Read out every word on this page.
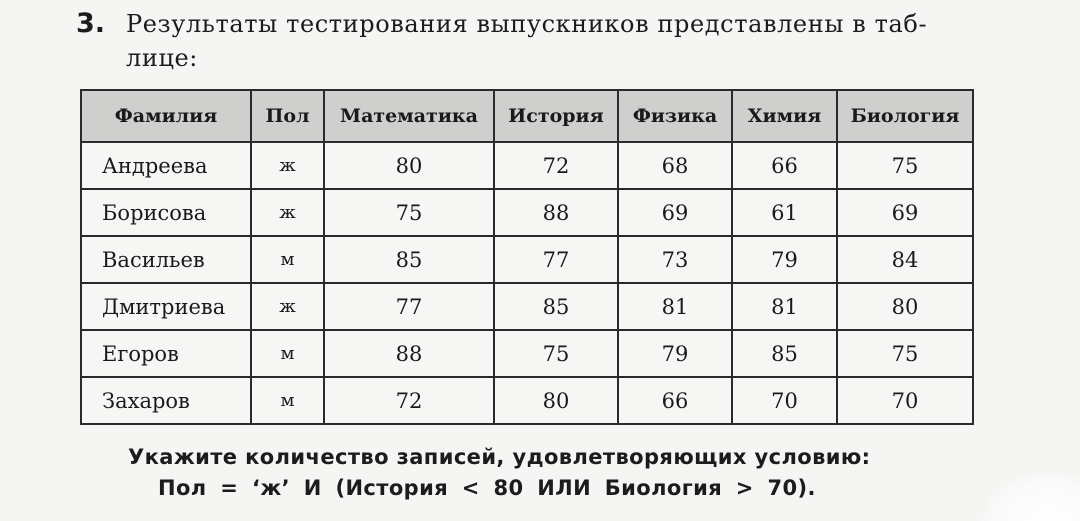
3. Результаты тестирования выпускников представлены в таб-
лице:
Фамилия	Пол	Математика	История	Физика	Химия	Биология
Андреева	ж	80	72	68	66	75
Борисова	ж	75	88	69	61	69
Васильев	м	85	77	73	79	84
Дмитриева	ж	77	85	81	81	80
Егоров	м	88	75	79	85	75
Захаров	м	72	80	66	70	70
Укажите количество записей, удовлетворяющих условию:
Пол = ‘ж’ И (История < 80 ИЛИ Биология > 70).
